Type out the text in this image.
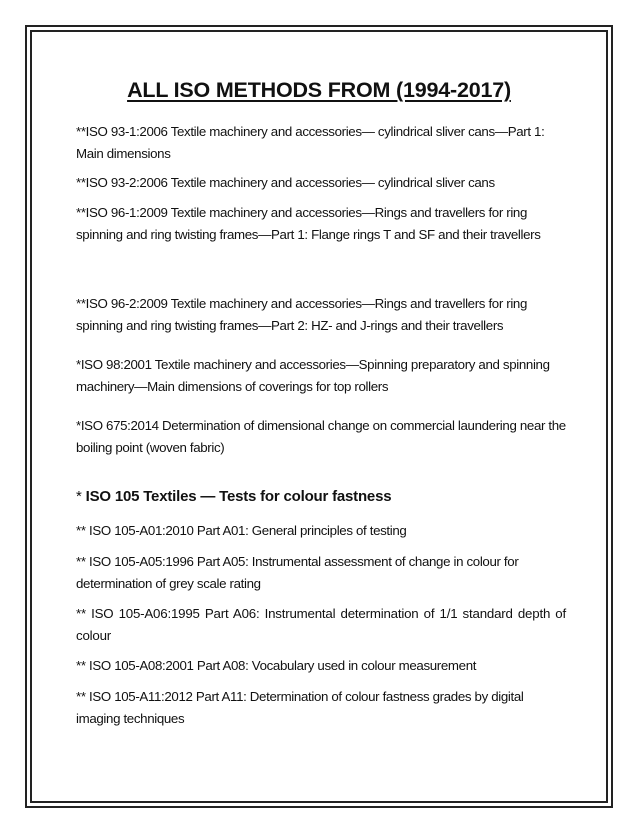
ALL ISO METHODS FROM (1994-2017)

**ISO 93-1:2006 Textile machinery and accessories— cylindrical sliver cans—Part 1: Main dimensions

**ISO 93-2:2006 Textile machinery and accessories— cylindrical sliver cans

**ISO 96-1:2009 Textile machinery and accessories—Rings and travellers for ring spinning and ring twisting frames—Part 1: Flange rings T and SF and their travellers

**ISO 96-2:2009 Textile machinery and accessories—Rings and travellers for ring spinning and ring twisting frames—Part 2: HZ- and J-rings and their travellers

*ISO 98:2001 Textile machinery and accessories—Spinning preparatory and spinning machinery—Main dimensions of coverings for top rollers

*ISO 675:2014 Determination of dimensional change on commercial laundering near the boiling point (woven fabric)

* ISO 105 Textiles — Tests for colour fastness

** ISO 105-A01:2010 Part A01: General principles of testing

** ISO 105-A05:1996 Part A05: Instrumental assessment of change in colour for determination of grey scale rating

** ISO 105-A06:1995 Part A06: Instrumental determination of 1/1 standard depth of colour

** ISO 105-A08:2001 Part A08: Vocabulary used in colour measurement

** ISO 105-A11:2012 Part A11: Determination of colour fastness grades by digital imaging techniques
